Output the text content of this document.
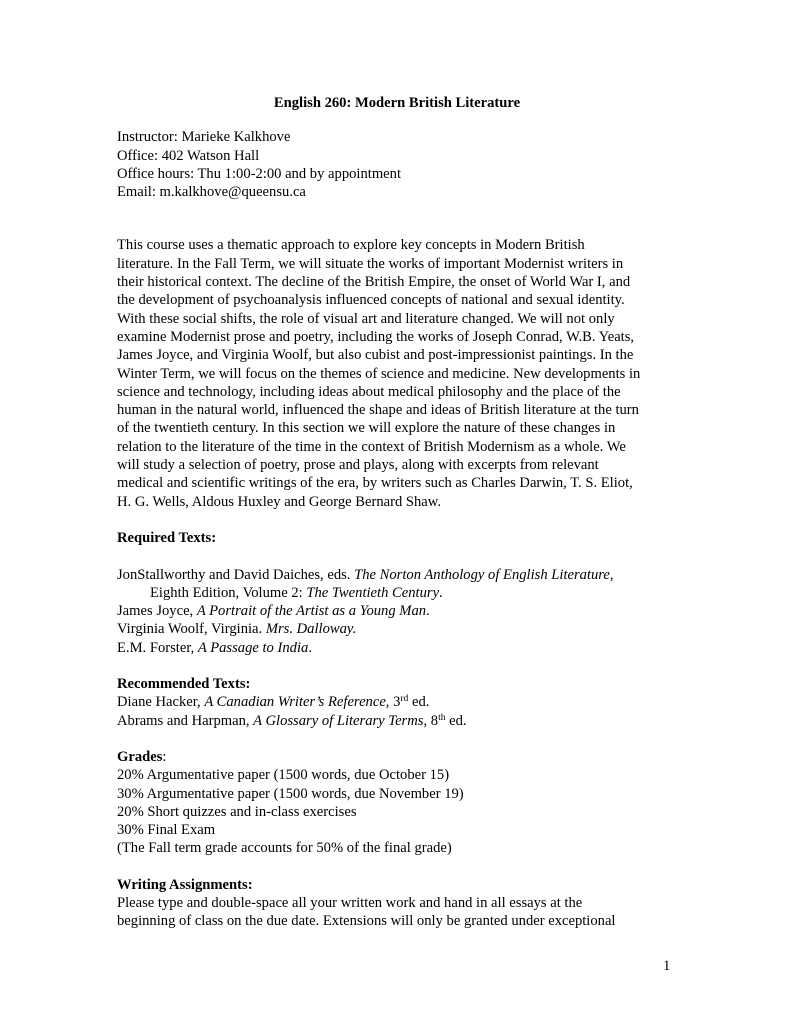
English 260: Modern British Literature
Instructor: Marieke Kalkhove
Office: 402 Watson Hall
Office hours: Thu 1:00-2:00 and by appointment
Email: m.kalkhove@queensu.ca
This course uses a thematic approach to explore key concepts in Modern British
literature. In the Fall Term, we will situate the works of important Modernist writers in
their historical context. The decline of the British Empire, the onset of World War I, and
the development of psychoanalysis influenced concepts of national and sexual identity.
With these social shifts, the role of visual art and literature changed. We will not only
examine Modernist prose and poetry, including the works of Joseph Conrad, W.B. Yeats,
James Joyce, and Virginia Woolf, but also cubist and post-impressionist paintings. In the
Winter Term, we will focus on the themes of science and medicine. New developments in
science and technology, including ideas about medical philosophy and the place of the
human in the natural world, influenced the shape and ideas of British literature at the turn
of the twentieth century. In this section we will explore the nature of these changes in
relation to the literature of the time in the context of British Modernism as a whole. We
will study a selection of poetry, prose and plays, along with excerpts from relevant
medical and scientific writings of the era, by writers such as Charles Darwin, T. S. Eliot,
H. G. Wells, Aldous Huxley and George Bernard Shaw.
Required Texts:
JonStallworthy and David Daiches, eds. The Norton Anthology of English Literature,
Eighth Edition, Volume 2: The Twentieth Century.
James Joyce, A Portrait of the Artist as a Young Man.
Virginia Woolf, Virginia. Mrs. Dalloway.
E.M. Forster, A Passage to India.
Recommended Texts:
Diane Hacker, A Canadian Writer’s Reference, 3rd ed.
Abrams and Harpman, A Glossary of Literary Terms, 8th ed.
Grades:
20% Argumentative paper (1500 words, due October 15)
30% Argumentative paper (1500 words, due November 19)
20% Short quizzes and in-class exercises
30% Final Exam
(The Fall term grade accounts for 50% of the final grade)
Writing Assignments:
Please type and double-space all your written work and hand in all essays at the
beginning of class on the due date. Extensions will only be granted under exceptional
1
